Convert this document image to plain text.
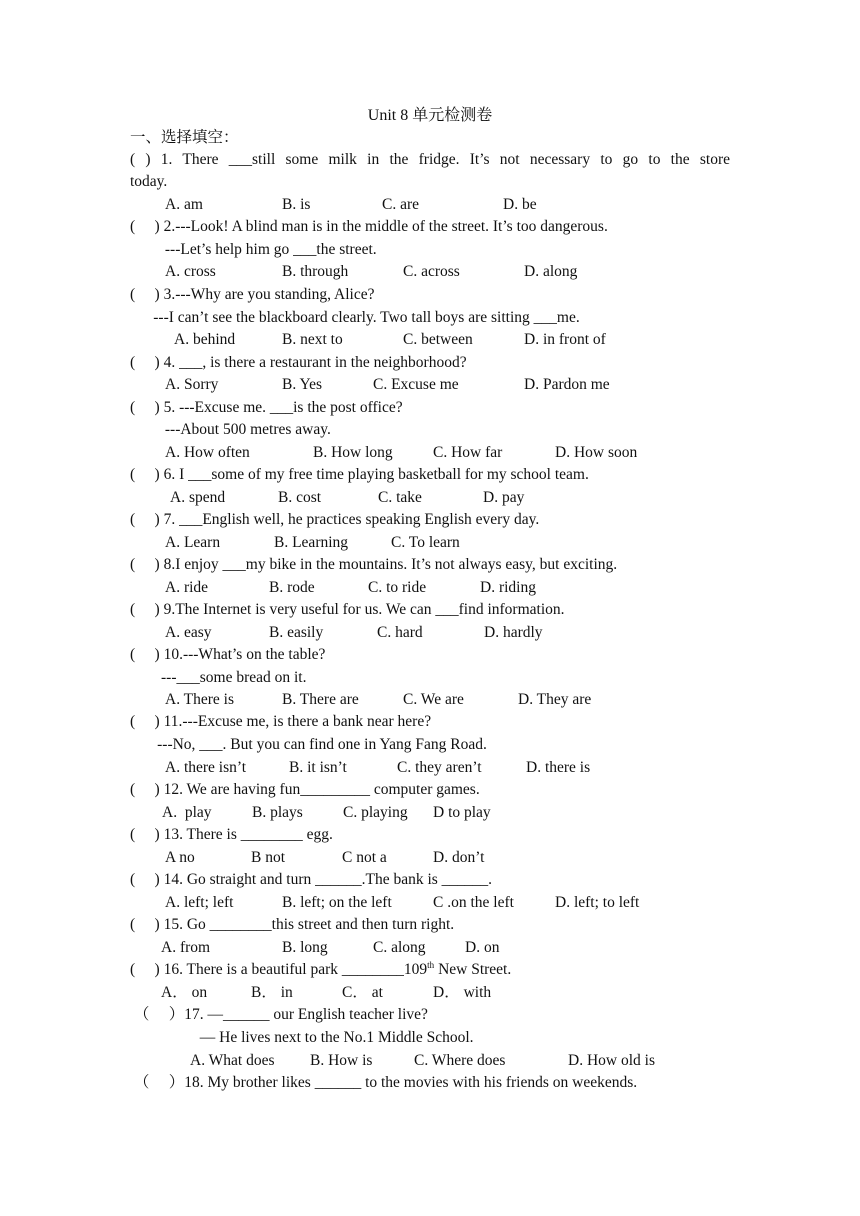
Unit 8 单元检测卷
一、选择填空：
( ) 1. There ___still some milk in the fridge. It’s not necessary to go to the store
today.
A. am	B. is	C. are	D. be
(     ) 2.---Look! A blind man is in the middle of the street. It’s too dangerous.
---Let’s help him go ___the street.
A. cross	B. through	C. across	D. along
(     ) 3.---Why are you standing, Alice?
---I can’t see the blackboard clearly. Two tall boys are sitting ___me.
A. behind	B. next to	C. between	D. in front of
(     ) 4. ___, is there a restaurant in the neighborhood?
A. Sorry	B. Yes	C. Excuse me	D. Pardon me
(     ) 5. ---Excuse me. ___is the post office?
---About 500 metres away.
A. How often	B. How long	C. How far	D. How soon
(     ) 6. I ___some of my free time playing basketball for my school team.
A. spend	B. cost	C. take	D. pay
(     ) 7. ___English well, he practices speaking English every day.
A. Learn	B. Learning	C. To learn
(     ) 8.I enjoy ___my bike in the mountains. It’s not always easy, but exciting.
A. ride	B. rode	C. to ride	D. riding
(     ) 9.The Internet is very useful for us. We can ___find information.
A. easy	B. easily	C. hard	D. hardly
(     ) 10.---What’s on the table?
---___some bread on it.
A. There is	B. There are	C. We are	D. They are
(     ) 11.---Excuse me, is there a bank near here?
---No, ___. But you can find one in Yang Fang Road.
A. there isn’t	B. it isn’t	C. they aren’t	D. there is
(     ) 12. We are having fun_________ computer games.
A.  play	B. plays	C. playing D to play
(     ) 13. There is ________ egg.
A no	B not	C not a	D. don’t
(     ) 14. Go straight and turn ______.The bank is ______.
A. left; left	B. left; on the left	C .on the left	D. left; to left
(     ) 15. Go ________this street and then turn right.
A. from	B. long	C. along	D. on
(     ) 16. There is a beautiful park ________109th New Street.
A． on	B． in	C． at	D． with
（     ）17. —______ our English teacher live?
— He lives next to the No.1 Middle School.
A. What does B. How is	C. Where does	D. How old is
（     ）18. My brother likes ______ to the movies with his friends on weekends.
